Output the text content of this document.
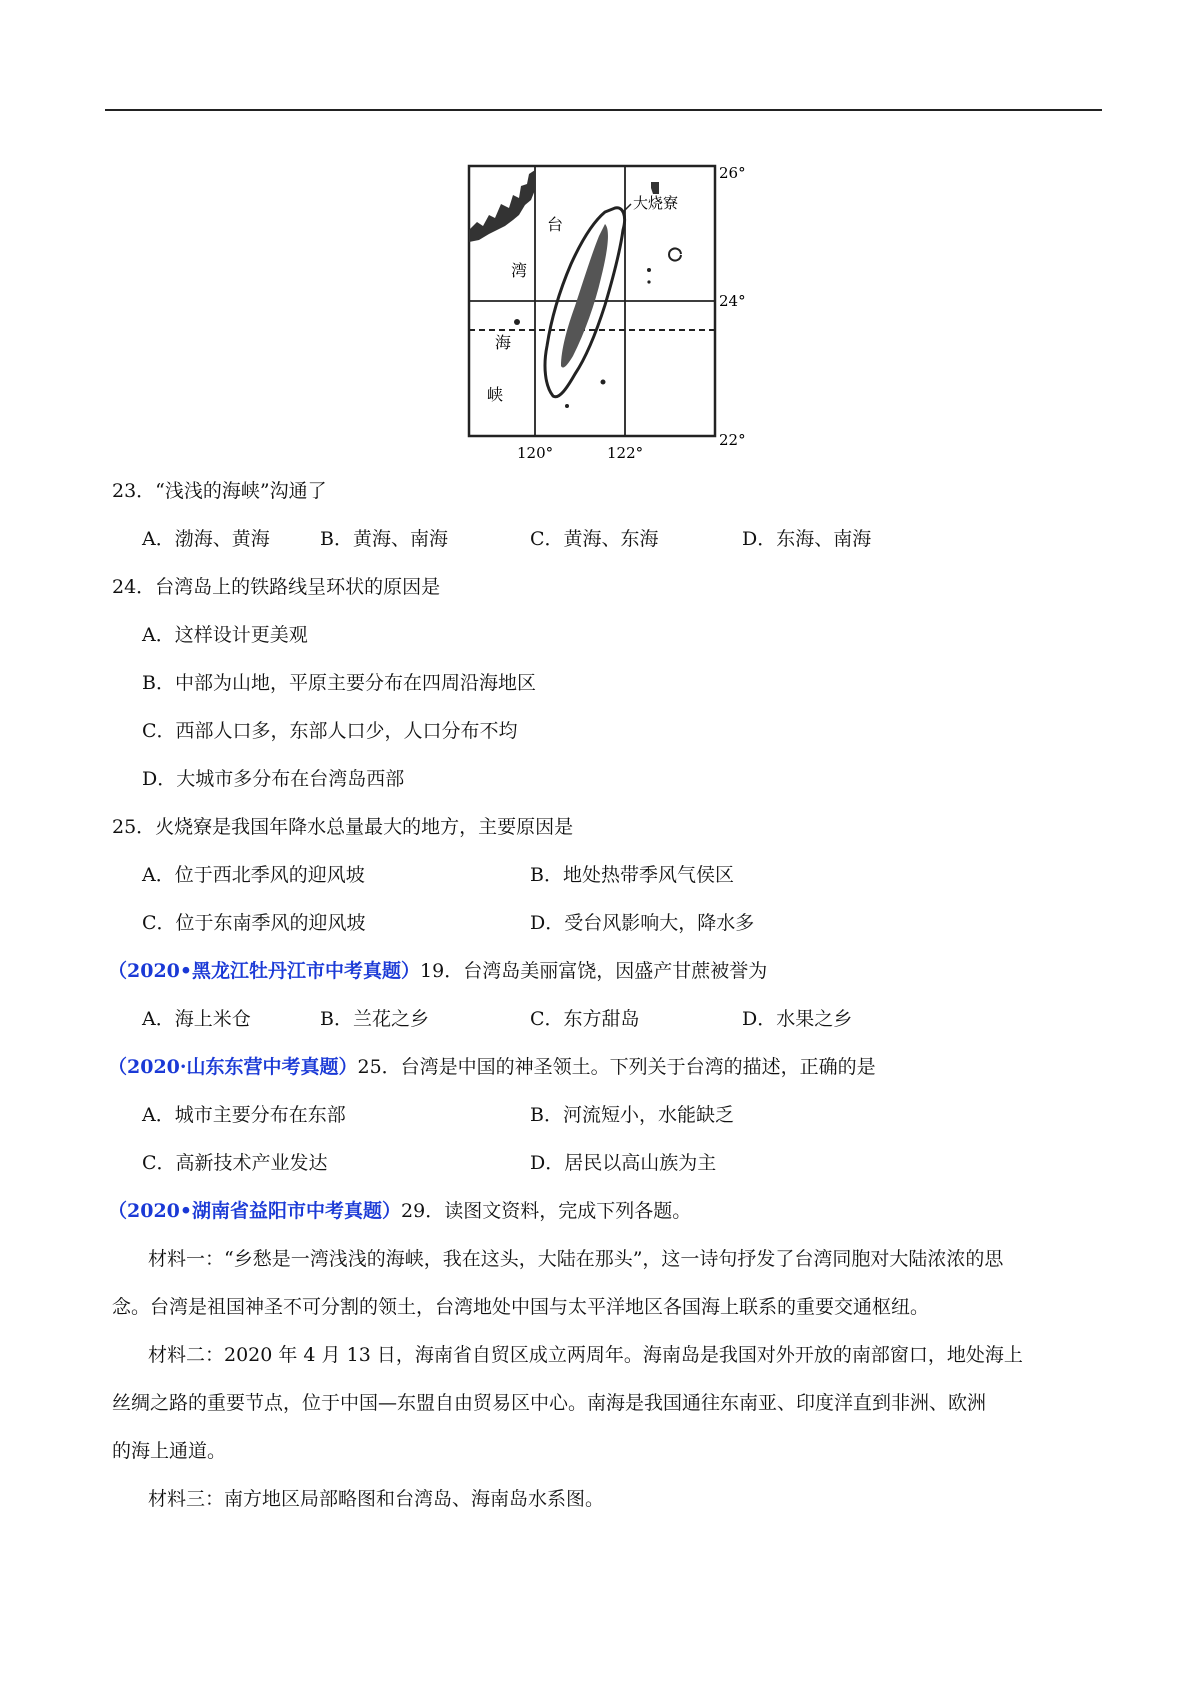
26°
24°
22°
120°	122°
台
湾
海
峡
大烧寮
23．“浅浅的海峡”沟通了
A．渤海、黄海	B．黄海、南海	C．黄海、东海	D．东海、南海
24．台湾岛上的铁路线呈环状的原因是
A．这样设计更美观
B．中部为山地，平原主要分布在四周沿海地区
C．西部人口多，东部人口少，人口分布不均
D．大城市多分布在台湾岛西部
25．火烧寮是我国年降水总量最大的地方，主要原因是
A．位于西北季风的迎风坡	B．地处热带季风气侯区
C．位于东南季风的迎风坡	D．受台风影响大，降水多
（2020•黑龙江牡丹江市中考真题）19．台湾岛美丽富饶，因盛产甘蔗被誉为
A．海上米仓	B．兰花之乡	C．东方甜岛	D．水果之乡
（2020·山东东营中考真题）25．台湾是中国的神圣领土。下列关于台湾的描述，正确的是
A．城市主要分布在东部	B．河流短小，水能缺乏
C．高新技术产业发达	D．居民以高山族为主
（2020•湖南省益阳市中考真题）29．读图文资料，完成下列各题。
材料一：“乡愁是一湾浅浅的海峡，我在这头，大陆在那头”，这一诗句抒发了台湾同胞对大陆浓浓的思
念。台湾是祖国神圣不可分割的领土，台湾地处中国与太平洋地区各国海上联系的重要交通枢纽。
材料二：2020 年 4 月 13 日，海南省自贸区成立两周年。海南岛是我国对外开放的南部窗口，地处海上
丝绸之路的重要节点，位于中国—东盟自由贸易区中心。南海是我国通往东南亚、印度洋直到非洲、欧洲
的海上通道。
材料三：南方地区局部略图和台湾岛、海南岛水系图。
